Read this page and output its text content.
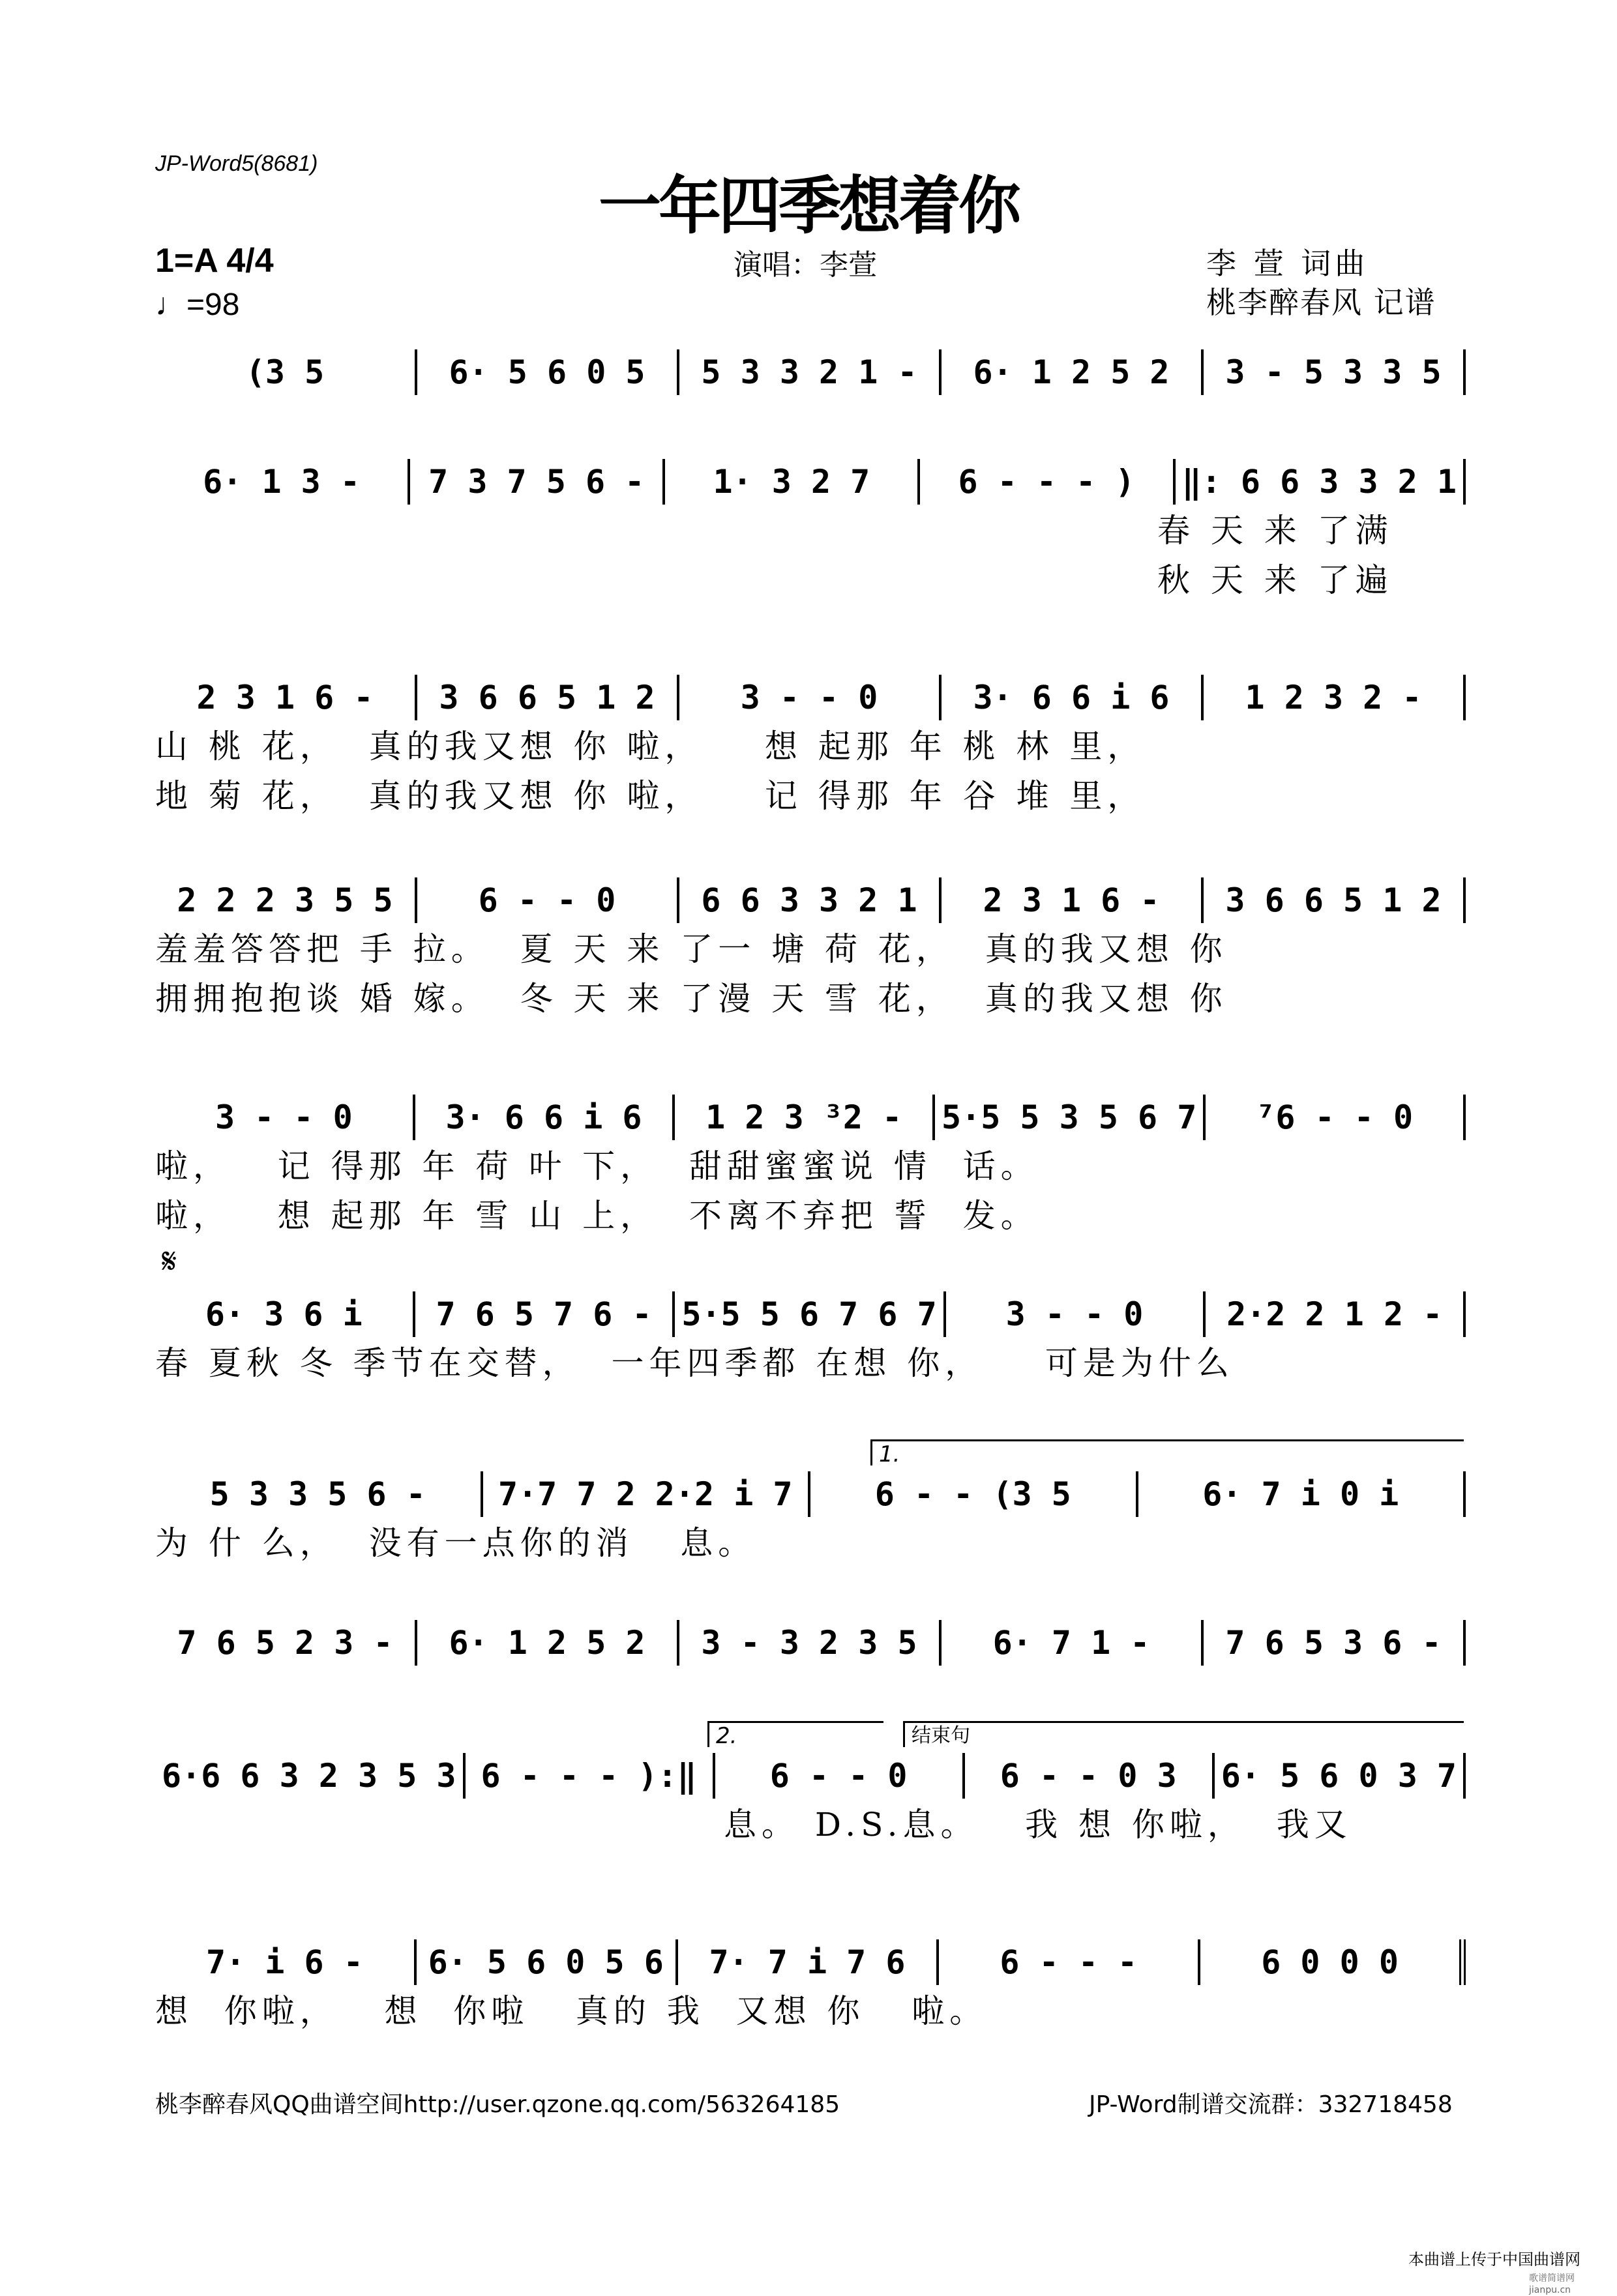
JP-Word5(8681)
一年四季想着你
1=A 4/4
♩=98
演唱：李萱	李 萱 词曲
桃李醉春风 记谱
𝄋
1.
2.	结束句
(3 5	6· 5 6 0 5	5 3 3 2 1 -	6· 1 2 5 2	3 - 5 3 3 5
6· 1 3 -	7 3 7 5 6 -	1· 3 2 7	6 - - - )	‖: 6 6 3 3 2 1
2 3 1 6 -	3 6 6 5 1 2	3 - - 0	3· 6 6 i 6	1 2 3 2 -
2 2 2 3 5 5	6 - - 0	6 6 3 3 2 1	2 3 1 6 -	3 6 6 5 1 2
3 - - 0	3· 6 6 i 6	1 2 3 ³2 -	5·5 5 3 5 6 7	⁷6 - - 0
6· 3 6 i	7 6 5 7 6 - 5·5 5 6 7 6 7	3 - - 0	2·2 2 1 2 -
5 3 3 5 6 -	7·7 7 2 2·2 i 7	6 - - (3 5	6· 7 i 0 i
7 6 5 2 3 -	6· 1 2 5 2	3 - 3 2 3 5	6· 7 1 -	7 6 5 3 6 -
6·6 6 3 2 3 5 3 6 - - - ):‖	6 - - 0	6 - - 0 3	6· 5 6 0 3 7
7· i 6 -	6· 5 6 0 5 6	7· 7 i 7 6	6 - - -	6 0 0 0
桃李醉春风QQ曲谱空间http://user.qzone.qq.com/563264185	JP-Word制谱交流群：332718458
本曲谱上传于中国曲谱网
歌谱简谱网 jianpu.cn
春 天 来 了满
秋 天 来 了遍
山 桃 花，  真的我又想 你 啦，    想 起那 年 桃 林 里，
地 菊 花，  真的我又想 你 啦，    记 得那 年 谷 堆 里，
羞羞答答把 手 拉。  夏 天 来 了一 塘 荷 花，  真的我又想 你
拥拥抱抱谈 婚 嫁。  冬 天 来 了漫 天 雪 花，  真的我又想 你
啦，   记 得那 年 荷 叶 下，  甜甜蜜蜜说 情  话。
啦，   想 起那 年 雪 山 上，  不离不弃把 誓  发。
春 夏秋 冬 季节在交替，  一年四季都 在想 你，    可是为什么
为 什 么，  没有一点你的消   息。
息。 D.S.息。   我 想 你啦，  我又
想  你啦，   想  你啦   真的 我  又想 你   啦。
